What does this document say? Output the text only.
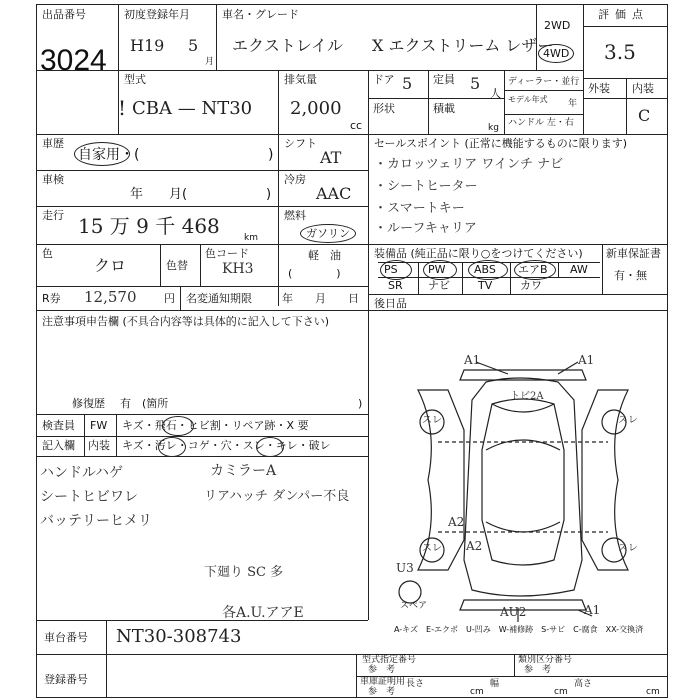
出品番号
3024
初度登録年月
H19 5
月
車名・グレード
エクストレイル X エクストリーム レザー
2WD
4WD
評価点
3.5
型式
! CBA — NT30
排気量
2,000
cc
ドア 5 定員 5
人
形状	積載
kg
ディーラー・並行
モデル年式 年
ハンドル 左・右
外装 内装
C
車歴
自家用・(	)
車検
年　　月(	)
走行 15 万 9 千 468	km
色
クロ	色替
色コード
KH3
R券 12,570	円 名変通知期限	年　　月　　日
シフト
AT
冷房
AAC
燃料
ガソリン
軽　油
(　　　　)
セールスポイント (正常に機能するものに限ります)
・カロッツェリア ワインチ ナビ
・シートヒーター
・スマートキー
・ルーフキャリア
装備品 (純正品に限り○をつけてください) 新車保証書
有・無
PS	PW	ABS エアB AW
SR ナビ	TV	カワ
後日品
注意事項申告欄 (不具合内容等は具体的に記入して下さい)
修復歴 有　(箇所	)
検査員
記入欄
FW キズ・飛石・ヒビ割・リペア跡・X 要
内装 キズ・汚レ・コゲ・穴・スレ・キレ・破レ
ハンドルハゲ
シートヒビワレ
バッテリーヒメリ
カミラーA
リアハッチ ダンパー不良
下廻り SC 多
各A.U.アアE
A1	A1
トビ2A
スレ	スレ
スレ	スレ
A2
A2
AU2	A1
U3
スペア
A-キズ　E-エクボ　U-凹み　W-補修跡　S-サビ　C-腐食　XX-交換済
車台番号 NT30-308743
登録番号
型式指定番号
参　考
類別区分番号
参　考
車庫証明用
参　考
長さ
cm
幅
cm
高さ
cm
